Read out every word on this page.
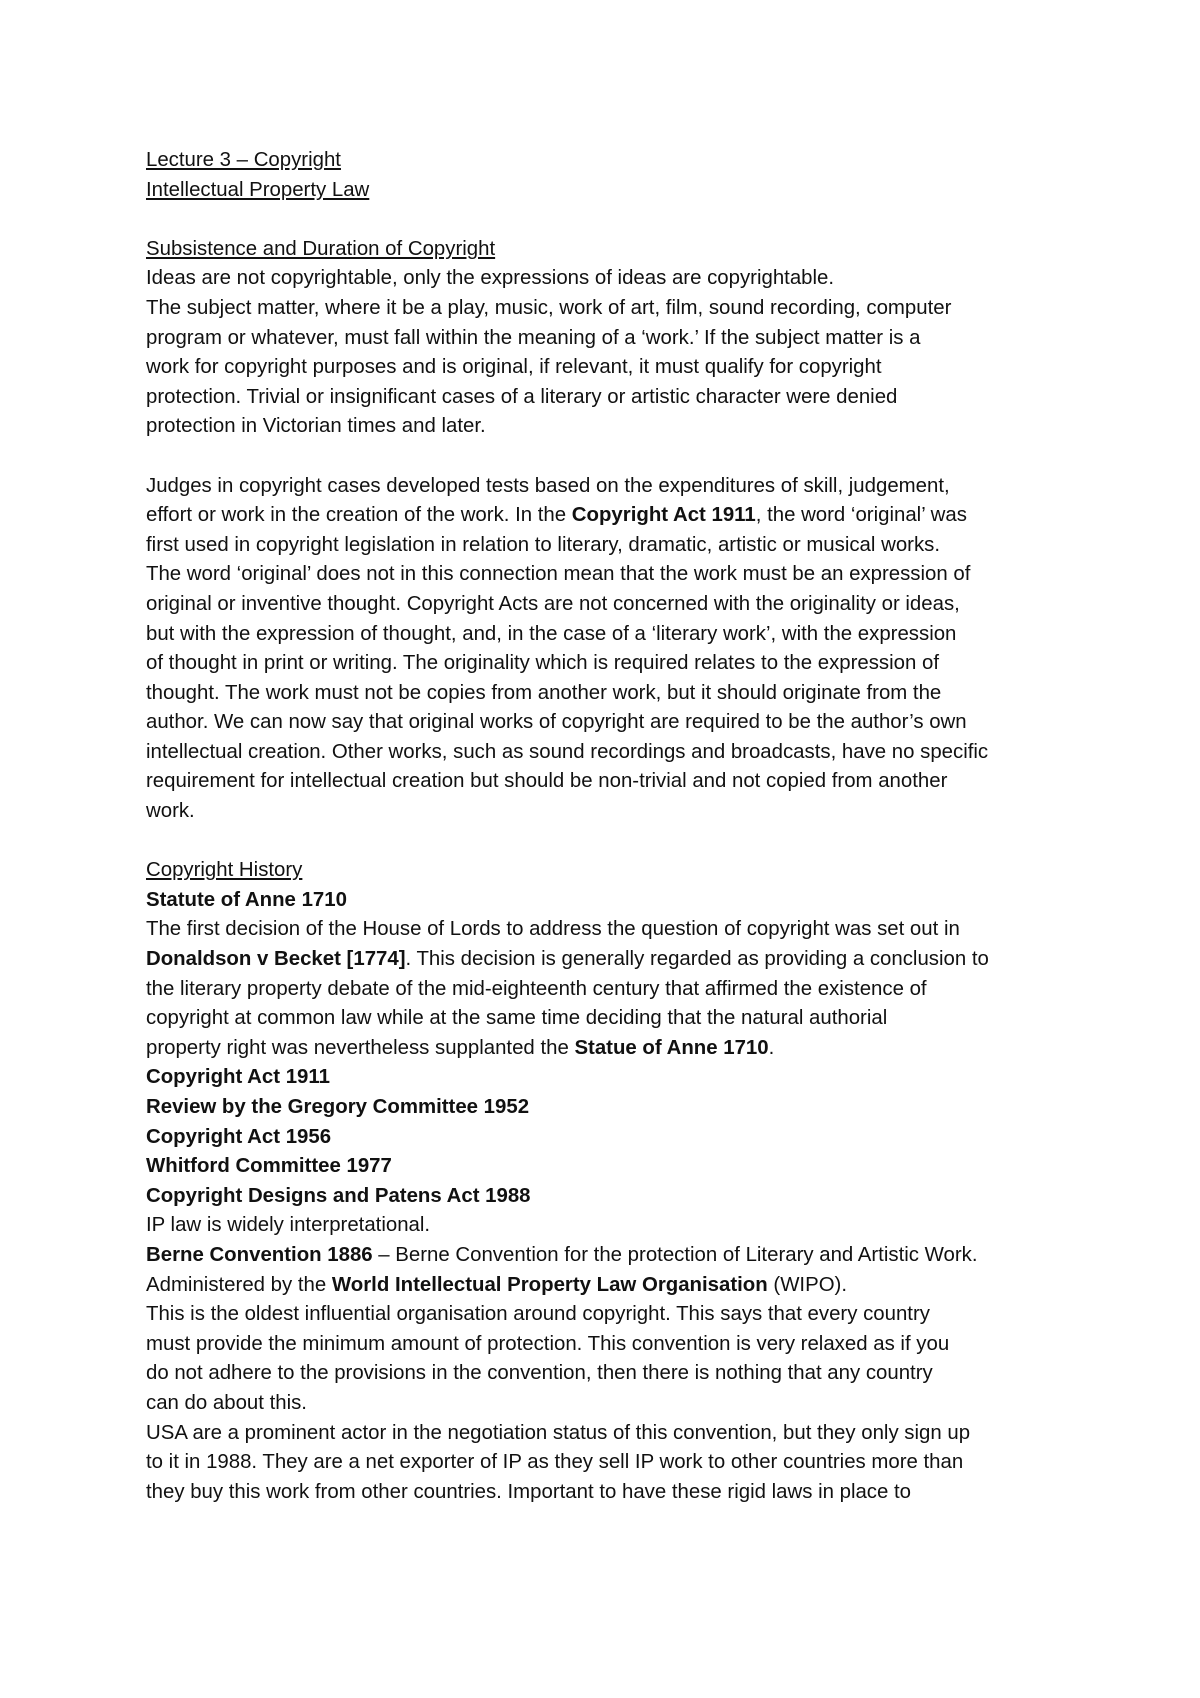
Lecture 3 – Copyright
Intellectual Property Law
Subsistence and Duration of Copyright
Ideas are not copyrightable, only the expressions of ideas are copyrightable.
The subject matter, where it be a play, music, work of art, film, sound recording, computer
program or whatever, must fall within the meaning of a ‘work.’ If the subject matter is a
work for copyright purposes and is original, if relevant, it must qualify for copyright
protection. Trivial or insignificant cases of a literary or artistic character were denied
protection in Victorian times and later.
Judges in copyright cases developed tests based on the expenditures of skill, judgement,
effort or work in the creation of the work. In the Copyright Act 1911, the word ‘original’ was
first used in copyright legislation in relation to literary, dramatic, artistic or musical works.
The word ‘original’ does not in this connection mean that the work must be an expression of
original or inventive thought. Copyright Acts are not concerned with the originality or ideas,
but with the expression of thought, and, in the case of a ‘literary work’, with the expression
of thought in print or writing. The originality which is required relates to the expression of
thought. The work must not be copies from another work, but it should originate from the
author. We can now say that original works of copyright are required to be the author’s own
intellectual creation. Other works, such as sound recordings and broadcasts, have no specific
requirement for intellectual creation but should be non-trivial and not copied from another
work.
Copyright History
Statute of Anne 1710
The first decision of the House of Lords to address the question of copyright was set out in
Donaldson v Becket [1774]. This decision is generally regarded as providing a conclusion to
the literary property debate of the mid-eighteenth century that affirmed the existence of
copyright at common law while at the same time deciding that the natural authorial
property right was nevertheless supplanted the Statue of Anne 1710.
Copyright Act 1911
Review by the Gregory Committee 1952
Copyright Act 1956
Whitford Committee 1977
Copyright Designs and Patens Act 1988
IP law is widely interpretational.
Berne Convention 1886 – Berne Convention for the protection of Literary and Artistic Work.
Administered by the World Intellectual Property Law Organisation (WIPO).
This is the oldest influential organisation around copyright. This says that every country
must provide the minimum amount of protection. This convention is very relaxed as if you
do not adhere to the provisions in the convention, then there is nothing that any country
can do about this.
USA are a prominent actor in the negotiation status of this convention, but they only sign up
to it in 1988. They are a net exporter of IP as they sell IP work to other countries more than
they buy this work from other countries. Important to have these rigid laws in place to
